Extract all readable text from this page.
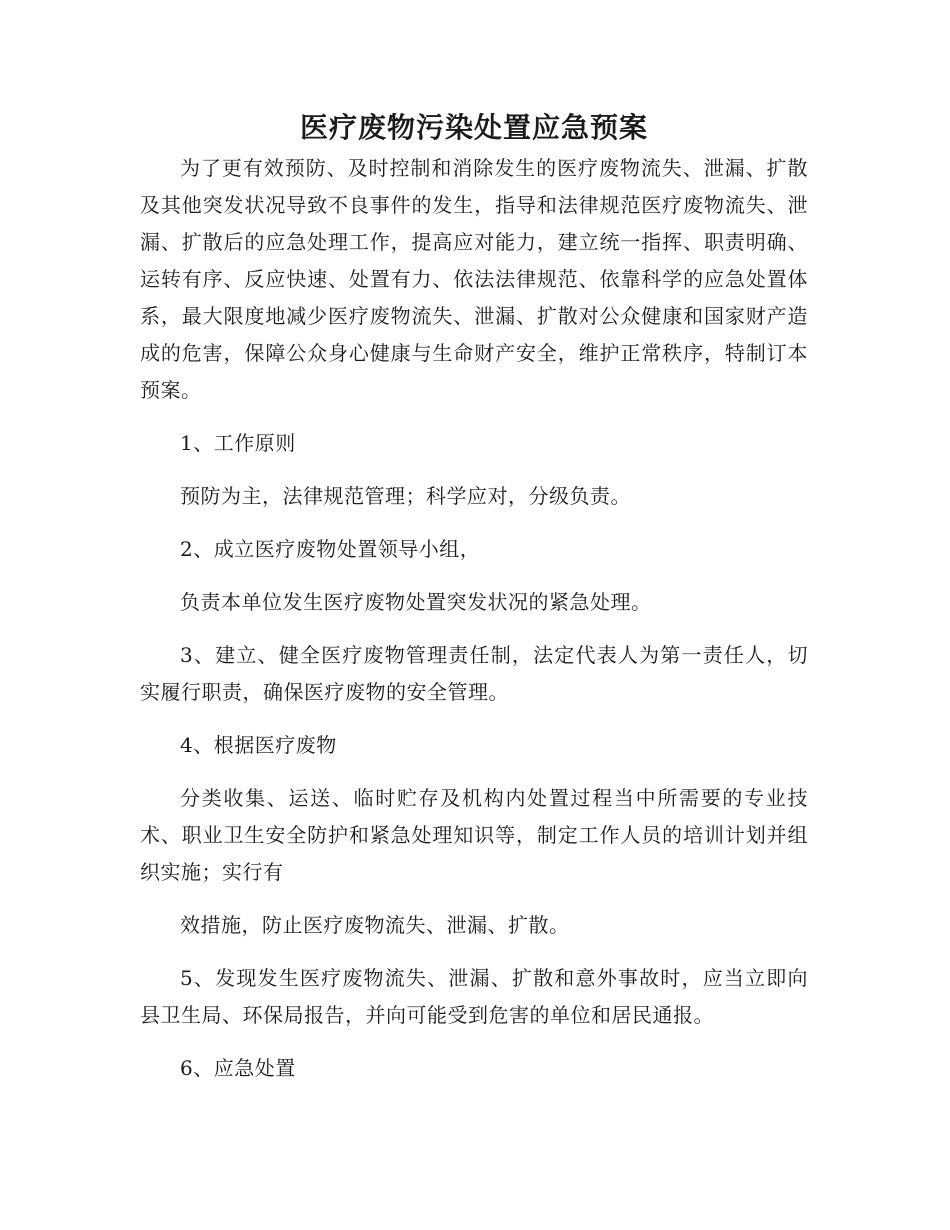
医疗废物污染处置应急预案

为了更有效预防、及时控制和消除发生的医疗废物流失、泄漏、扩散及其他突发状况导致不良事件的发生，指导和法律规范医疗废物流失、泄漏、扩散后的应急处理工作，提高应对能力，建立统一指挥、职责明确、运转有序、反应快速、处置有力、依法法律规范、依靠科学的应急处置体系，最大限度地减少医疗废物流失、泄漏、扩散对公众健康和国家财产造成的危害，保障公众身心健康与生命财产安全，维护正常秩序，特制订本预案。

1、工作原则

预防为主，法律规范管理；科学应对，分级负责。

2、成立医疗废物处置领导小组，

负责本单位发生医疗废物处置突发状况的紧急处理。

3、建立、健全医疗废物管理责任制，法定代表人为第一责任人，切实履行职责，确保医疗废物的安全管理。

4、根据医疗废物

分类收集、运送、临时贮存及机构内处置过程当中所需要的专业技术、职业卫生安全防护和紧急处理知识等，制定工作人员的培训计划并组织实施；实行有

效措施，防止医疗废物流失、泄漏、扩散。

5、发现发生医疗废物流失、泄漏、扩散和意外事故时，应当立即向县卫生局、环保局报告，并向可能受到危害的单位和居民通报。

6、应急处置
